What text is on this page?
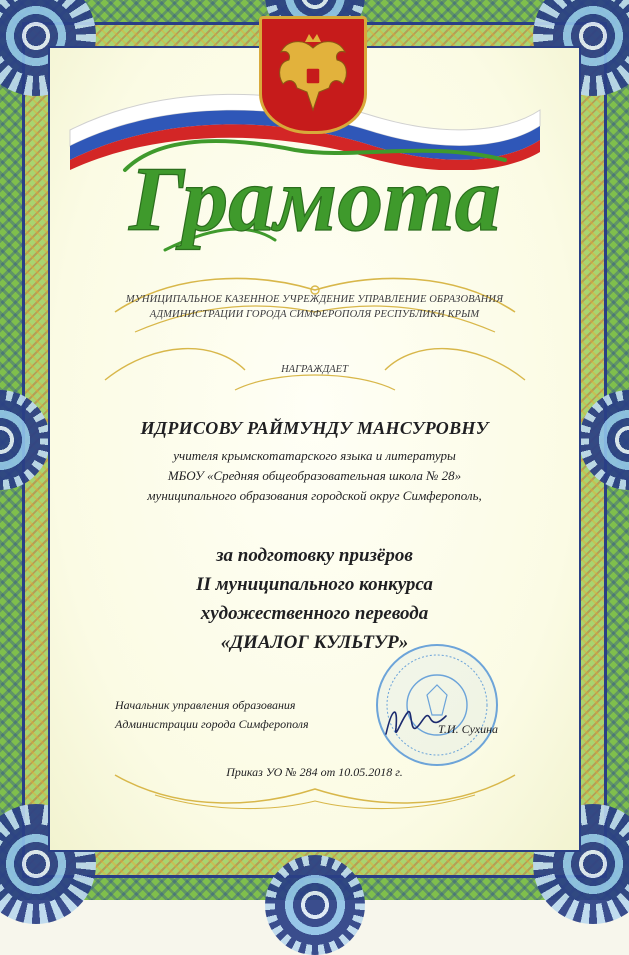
Грамота
МУНИЦИПАЛЬНОЕ КАЗЕННОЕ УЧРЕЖДЕНИЕ УПРАВЛЕНИЕ ОБРАЗОВАНИЯ
АДМИНИСТРАЦИИ ГОРОДА СИМФЕРОПОЛЯ РЕСПУБЛИКИ КРЫМ
НАГРАЖДАЕТ
ИДРИСОВУ РАЙМУНДУ МАНСУРОВНУ
учителя крымскотатарского языка и литературы
МБОУ «Средняя общеобразовательная школа № 28»
муниципального образования городской округ Симферополь,
за подготовку призёров
II муниципального конкурса
художественного перевода
«ДИАЛОГ КУЛЬТУР»
Начальник управления образования
Администрации города Симферополя	Т.И. Сухина
Приказ УО № 284 от 10.05.2018 г.
